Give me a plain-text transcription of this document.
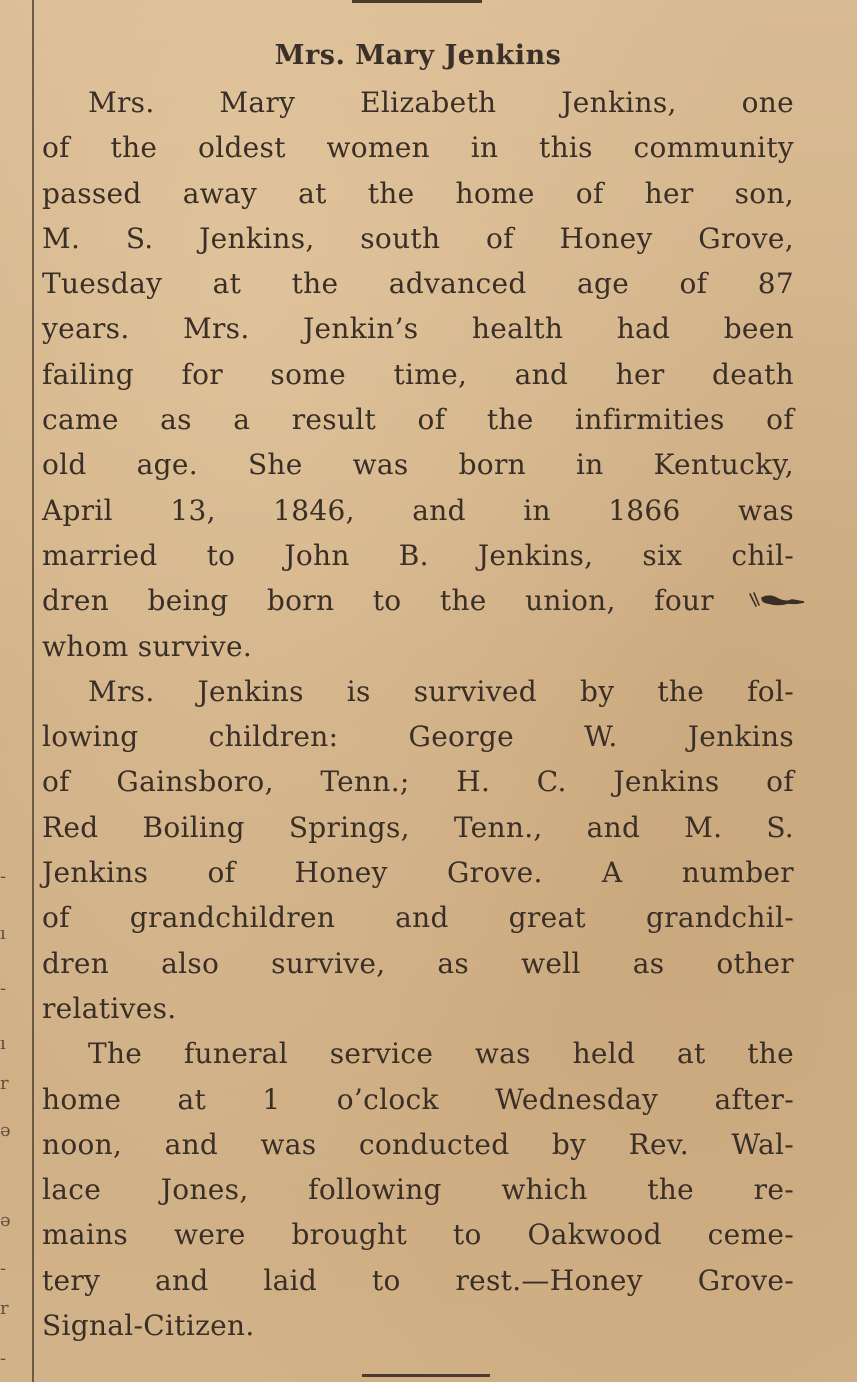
-
ı
-
ı
r
ə
ə
-
r
-
Mrs. Mary Jenkins
Mrs. Mary Elizabeth Jenkins, one
of the oldest women in this community
passed away at the home of her son,
M. S. Jenkins, south of Honey Grove,
Tuesday at the advanced age of 87
years. Mrs. Jenkin’s health had been
failing for some time, and her death
came as a result of the infirmities of
old age. She was born in Kentucky,
April 13, 1846, and in 1866 was
married to John B. Jenkins, six chil-
dren being born to the union, four
whom survive.
Mrs. Jenkins is survived by the fol-
lowing children: George W. Jenkins
of Gainsboro, Tenn.; H. C. Jenkins of
Red Boiling Springs, Tenn., and M. S.
Jenkins of Honey Grove. A number
of grandchildren and great grandchil-
dren also survive, as well as other
relatives.
The funeral service was held at the
home at 1 o’clock Wednesday after-
noon, and was conducted by Rev. Wal-
lace Jones, following which the re-
mains were brought to Oakwood ceme-
tery and laid to rest.—Honey Grove-
Signal-Citizen.
